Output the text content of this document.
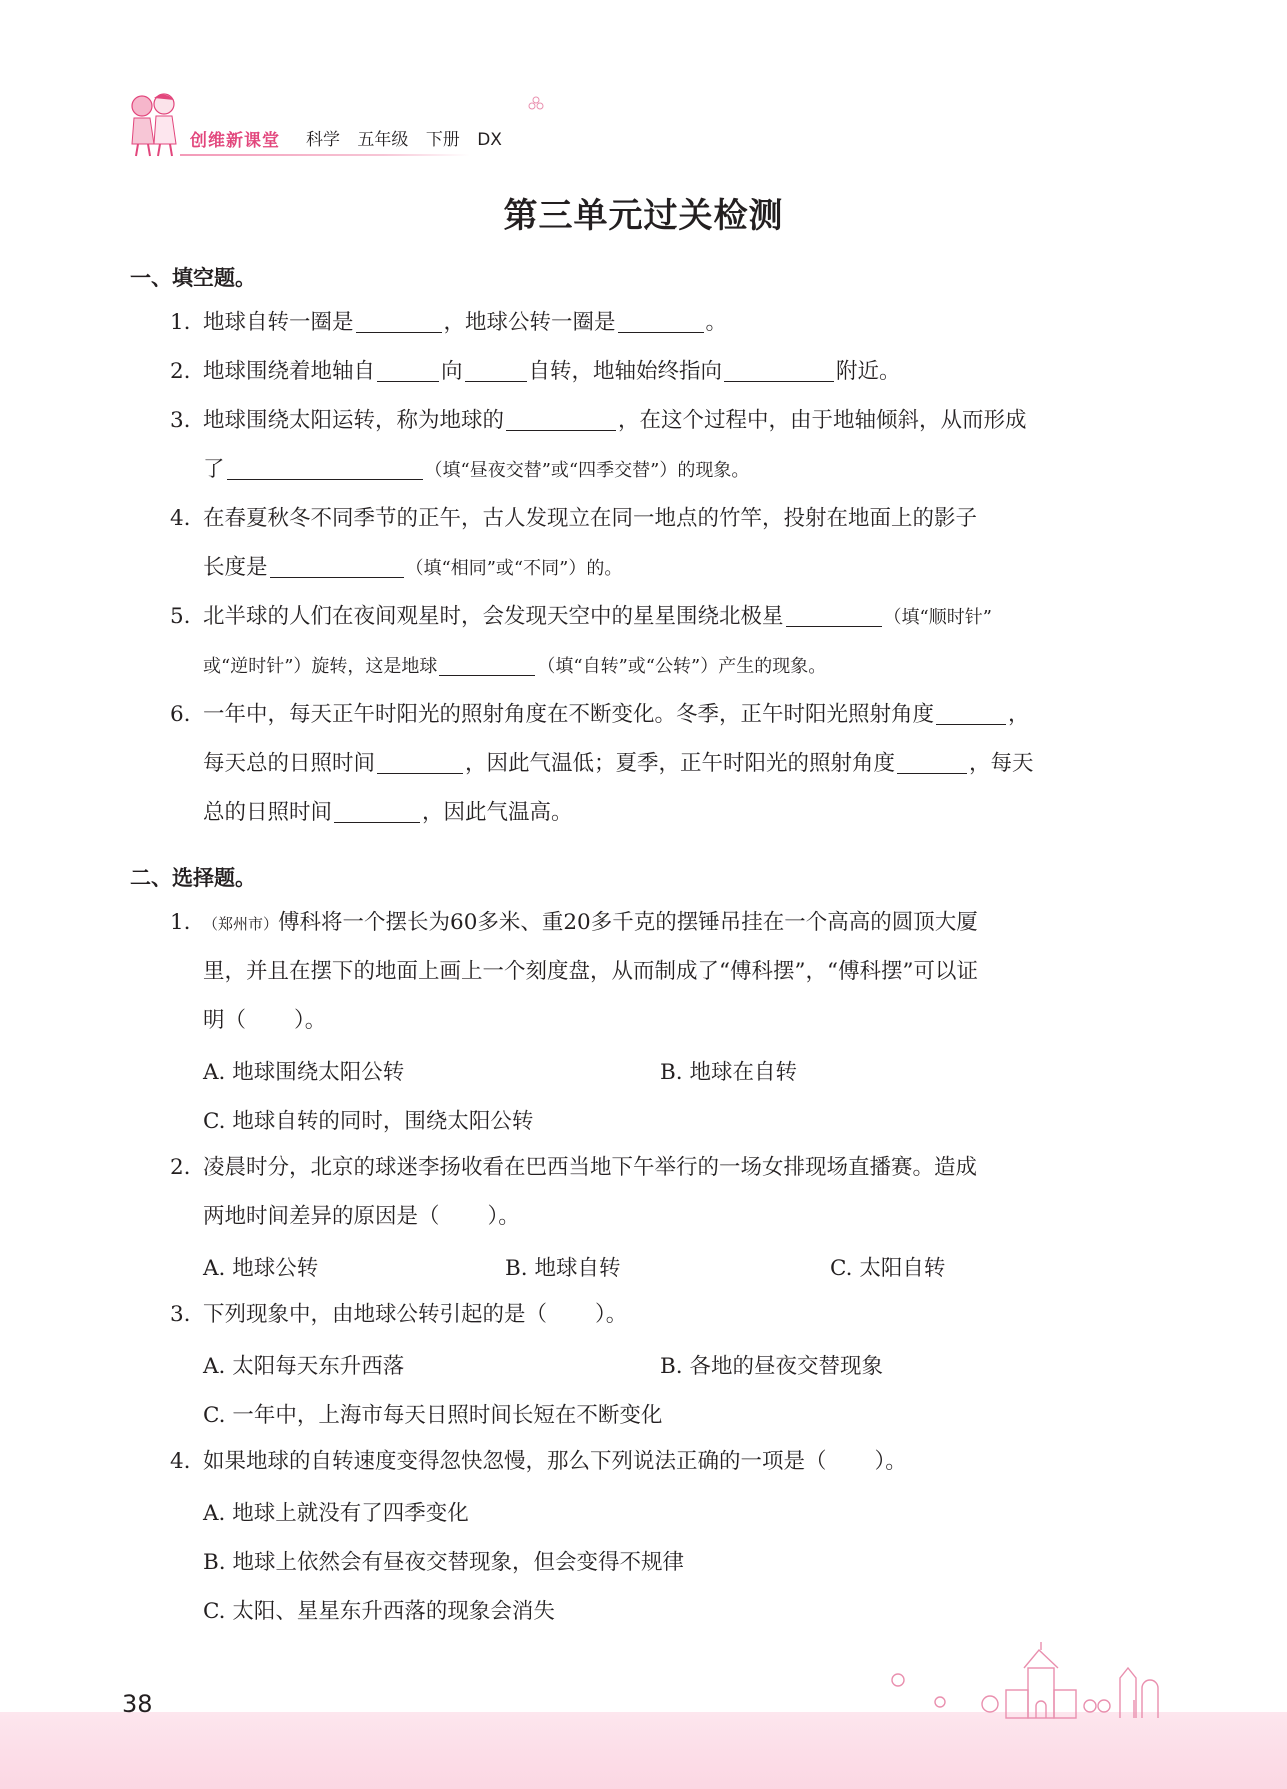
创维新课堂 科学 五年级 下册 DX
第三单元过关检测
一、填空题。
1. 地球自转一圈是	，地球公转一圈是	。
2. 地球围绕着地轴自	向	自转，地轴始终指向	附近。
3. 地球围绕太阳运转，称为地球的	，在这个过程中，由于地轴倾斜，从而形成
了	（填“昼夜交替”或“四季交替”）的现象。
4. 在春夏秋冬不同季节的正午，古人发现立在同一地点的竹竿，投射在地面上的影子
长度是	（填“相同”或“不同”）的。
5. 北半球的人们在夜间观星时，会发现天空中的星星围绕北极星	（填“顺时针”
或“逆时针”）旋转，这是地球	（填“自转”或“公转”）产生的现象。
6. 一年中，每天正午时阳光的照射角度在不断变化。冬季，正午时阳光照射角度	，
每天总的日照时间	，因此气温低；夏季，正午时阳光的照射角度	，每天
总的日照时间	，因此气温高。
二、选择题。
1. （郑州市）傅科将一个摆长为60多米、重20多千克的摆锤吊挂在一个高高的圆顶大厦
里，并且在摆下的地面上画上一个刻度盘，从而制成了“傅科摆”，“傅科摆”可以证
明（ ）。
A. 地球围绕太阳公转	B. 地球在自转
C. 地球自转的同时，围绕太阳公转
2. 凌晨时分，北京的球迷李扬收看在巴西当地下午举行的一场女排现场直播赛。造成
两地时间差异的原因是（ ）。
A. 地球公转	B. 地球自转	C. 太阳自转
3. 下列现象中，由地球公转引起的是（ ）。
A. 太阳每天东升西落	B. 各地的昼夜交替现象
C. 一年中，上海市每天日照时间长短在不断变化
4. 如果地球的自转速度变得忽快忽慢，那么下列说法正确的一项是（ ）。
A. 地球上就没有了四季变化
B. 地球上依然会有昼夜交替现象，但会变得不规律
C. 太阳、星星东升西落的现象会消失
38
